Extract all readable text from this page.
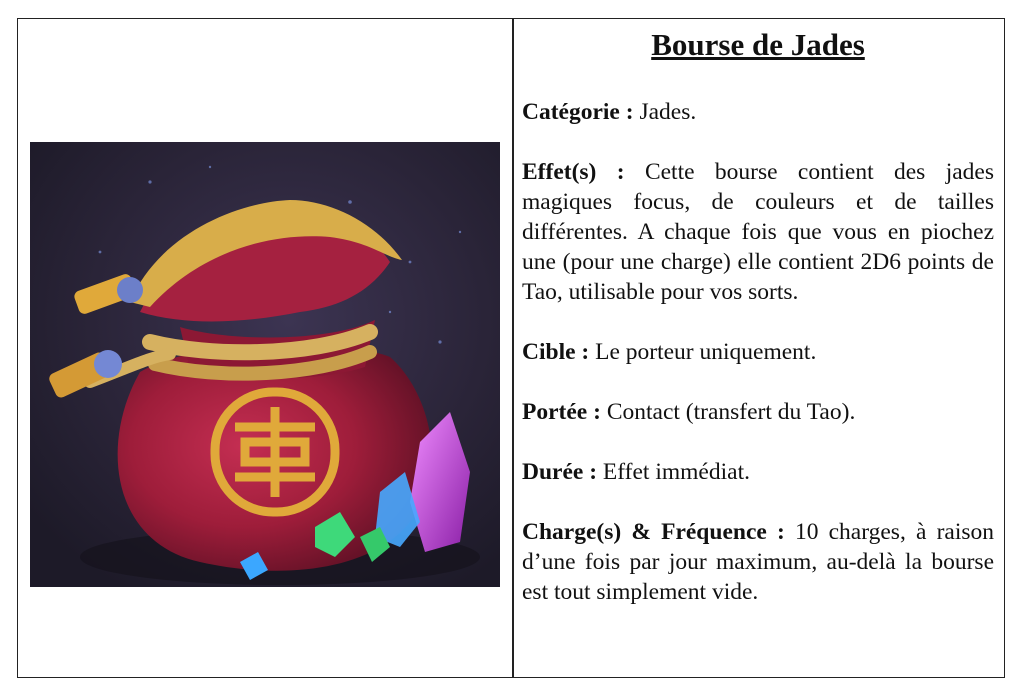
Bourse de Jades

Catégorie : Jades.

Effet(s) : Cette bourse contient des jades magiques focus, de couleurs et de tailles différentes. A chaque fois que vous en piochez une (pour une charge) elle contient 2D6 points de Tao, utilisable pour vos sorts.

Cible : Le porteur uniquement.

Portée : Contact (transfert du Tao).

Durée : Effet immédiat.

Charge(s) & Fréquence : 10 charges, à raison d’une fois par jour maximum, au-delà la bourse est tout simplement vide.
